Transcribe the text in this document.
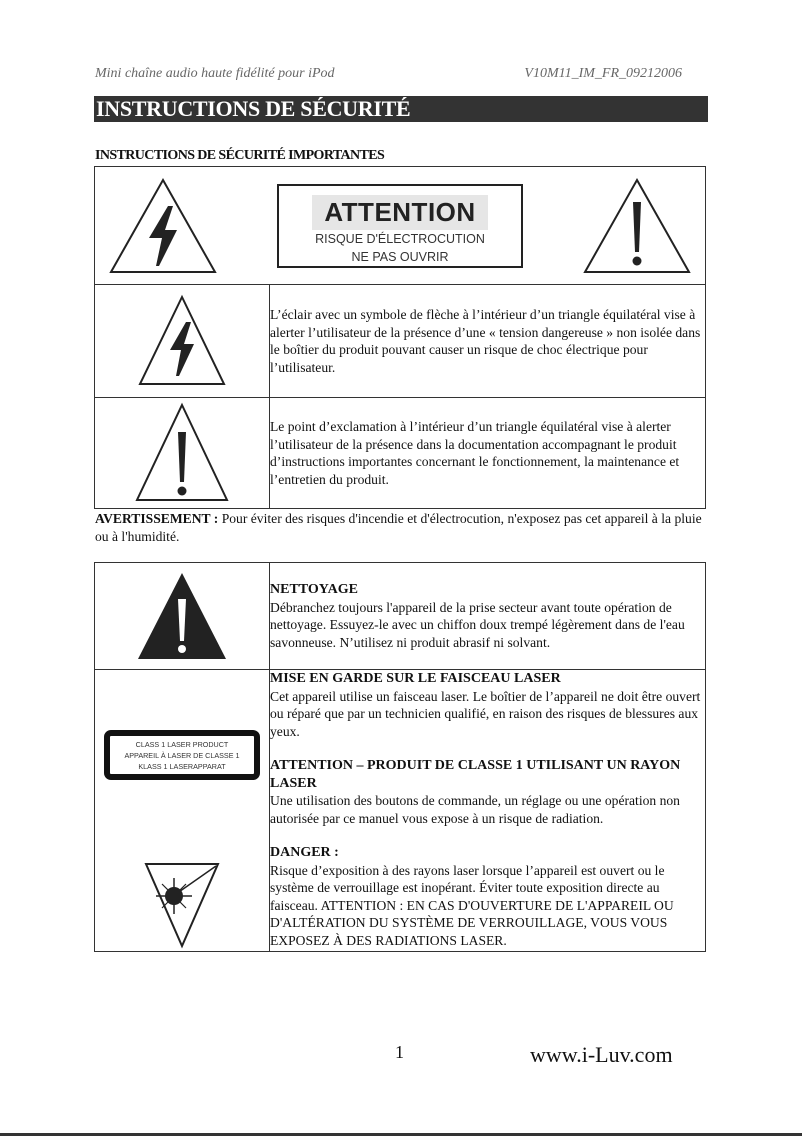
Mini chaîne audio haute fidélité pour iPod	V10M11_IM_FR_09212006
INSTRUCTIONS DE SÉCURITÉ
INSTRUCTIONS DE SÉCURITÉ IMPORTANTES
ATTENTION
RISQUE D'ÉLECTROCUTION
NE PAS OUVRIR	

	L’éclair avec un symbole de flèche à l’intérieur d’un triangle équilatéral vise à alerter l’utilisateur de la présence d’une « tension dangereuse » non isolée dans le boîtier du produit pouvant causer un risque de choc électrique pour l’utilisateur.

	Le point d’exclamation à l’intérieur d’un triangle équilatéral vise à alerter l’utilisateur de la présence dans la documentation accompagnant le produit d’instructions importantes concernant le fonctionnement, la maintenance et l’entretien du produit.
AVERTISSEMENT : Pour éviter des risques d'incendie et d'électrocution, n'exposez pas cet appareil à la pluie ou à l'humidité.

NETTOYAGE
Débranchez toujours l'appareil de la prise secteur avant toute opération de nettoyage. Essuyez-le avec un chiffon doux trempé légèrement dans de l'eau savonneuse. N’utilisez ni produit abrasif ni solvant.

CLASS 1 LASER PRODUCT
APPAREIL À LASER DE CLASSE 1
KLASS 1 LASERAPPARAT

MISE EN GARDE SUR LE FAISCEAU LASER
Cet appareil utilise un faisceau laser. Le boîtier de l’appareil ne doit être ouvert ou réparé que par un technicien qualifié, en raison des risques de blessures aux yeux.
ATTENTION – PRODUIT DE CLASSE 1 UTILISANT UN RAYON LASER
Une utilisation des boutons de commande, un réglage ou une opération non autorisée par ce manuel vous expose à un risque de radiation.
DANGER :
Risque d’exposition à des rayons laser lorsque l’appareil est ouvert ou le système de verrouillage est inopérant. Éviter toute exposition directe au faisceau. ATTENTION : EN CAS D'OUVERTURE DE L'APPAREIL OU D'ALTÉRATION DU SYSTÈME DE VERROUILLAGE, VOUS VOUS EXPOSEZ À DES RADIATIONS LASER.
1	www.i-Luv.com
